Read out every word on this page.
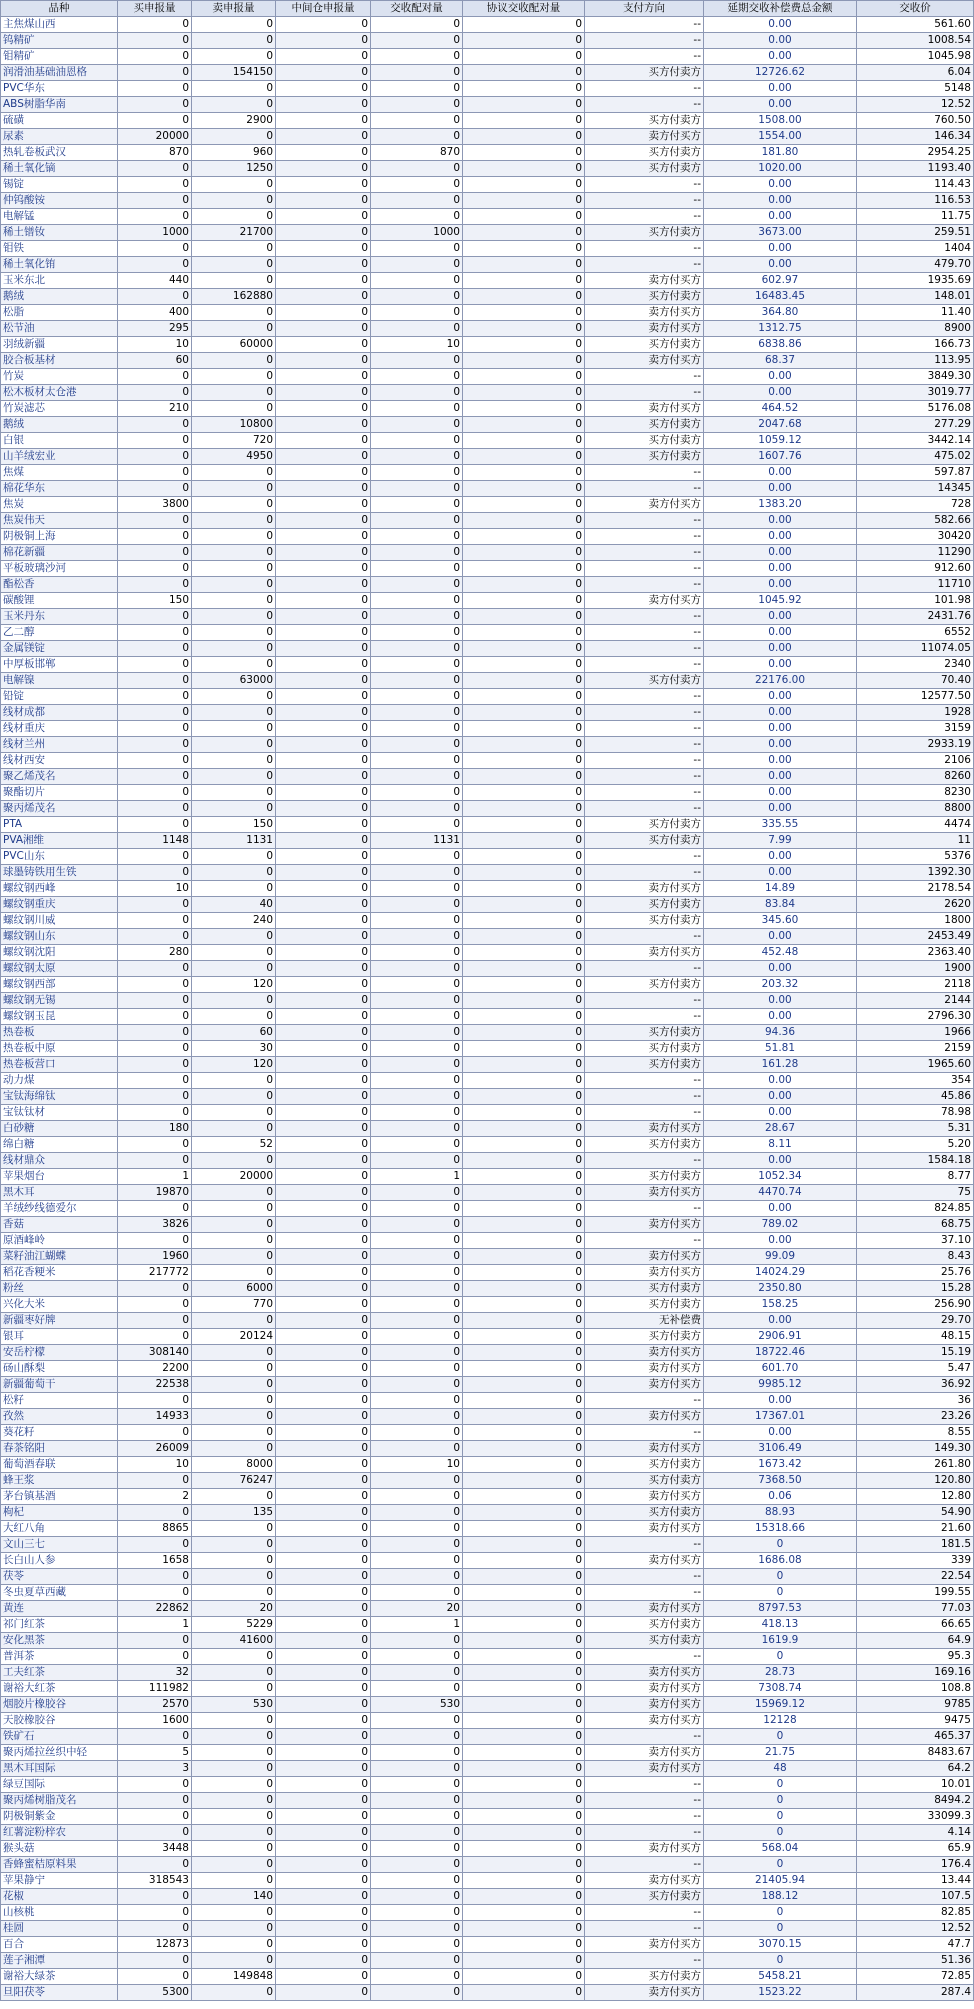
品种	买申报量	卖申报量	中间仓申报量	交收配对量	协议交收配对量	支付方向	延期交收补偿费总金额	交收价
主焦煤山西	0	0	0	0	0	--	0.00	561.60
钨精矿	0	0	0	0	0	--	0.00	1008.54
钼精矿	0	0	0	0	0	--	0.00	1045.98
润滑油基础油恩格	0	154150	0	0	0	买方付卖方	12726.62	6.04
PVC华东	0	0	0	0	0	--	0.00	5148
ABS树脂华南	0	0	0	0	0	--	0.00	12.52
硫磺	0	2900	0	0	0	买方付卖方	1508.00	760.50
尿素	20000	0	0	0	0	卖方付买方	1554.00	146.34
热轧卷板武汉	870	960	0	870	0	买方付卖方	181.80	2954.25
稀土氧化镝	0	1250	0	0	0	买方付卖方	1020.00	1193.40
锡锭	0	0	0	0	0	--	0.00	114.43
仲钨酸铵	0	0	0	0	0	--	0.00	116.53
电解锰	0	0	0	0	0	--	0.00	11.75
稀土镨钕	1000	21700	0	1000	0	买方付卖方	3673.00	259.51
钼铁	0	0	0	0	0	--	0.00	1404
稀土氧化铕	0	0	0	0	0	--	0.00	479.70
玉米东北	440	0	0	0	0	卖方付买方	602.97	1935.69
鹅绒	0	162880	0	0	0	买方付卖方	16483.45	148.01
松脂	400	0	0	0	0	卖方付买方	364.80	11.40
松节油	295	0	0	0	0	卖方付买方	1312.75	8900
羽绒新疆	10	60000	0	10	0	买方付卖方	6838.86	166.73
胶合板基材	60	0	0	0	0	卖方付买方	68.37	113.95
竹炭	0	0	0	0	0	--	0.00	3849.30
松木板材太仓港	0	0	0	0	0	--	0.00	3019.77
竹炭滤芯	210	0	0	0	0	卖方付买方	464.52	5176.08
鹅绒	0	10800	0	0	0	买方付卖方	2047.68	277.29
白银	0	720	0	0	0	买方付卖方	1059.12	3442.14
山羊绒宏业	0	4950	0	0	0	买方付卖方	1607.76	475.02
焦煤	0	0	0	0	0	--	0.00	597.87
棉花华东	0	0	0	0	0	--	0.00	14345
焦炭	3800	0	0	0	0	卖方付买方	1383.20	728
焦炭伟天	0	0	0	0	0	--	0.00	582.66
阴极铜上海	0	0	0	0	0	--	0.00	30420
棉花新疆	0	0	0	0	0	--	0.00	11290
平板玻璃沙河	0	0	0	0	0	--	0.00	912.60
酯松香	0	0	0	0	0	--	0.00	11710
碳酸锂	150	0	0	0	0	卖方付买方	1045.92	101.98
玉米丹东	0	0	0	0	0	--	0.00	2431.76
乙二醇	0	0	0	0	0	--	0.00	6552
金属镁锭	0	0	0	0	0	--	0.00	11074.05
中厚板邯郸	0	0	0	0	0	--	0.00	2340
电解镍	0	63000	0	0	0	买方付卖方	22176.00	70.40
铅锭	0	0	0	0	0	--	0.00	12577.50
线材成都	0	0	0	0	0	--	0.00	1928
线材重庆	0	0	0	0	0	--	0.00	3159
线材兰州	0	0	0	0	0	--	0.00	2933.19
线材西安	0	0	0	0	0	--	0.00	2106
聚乙烯茂名	0	0	0	0	0	--	0.00	8260
聚酯切片	0	0	0	0	0	--	0.00	8230
聚丙烯茂名	0	0	0	0	0	--	0.00	8800
PTA	0	150	0	0	0	买方付卖方	335.55	4474
PVA湘维	1148	1131	0	1131	0	买方付卖方	7.99	11
PVC山东	0	0	0	0	0	--	0.00	5376
球墨铸铁用生铁	0	0	0	0	0	--	0.00	1392.30
螺纹钢西峰	10	0	0	0	0	卖方付买方	14.89	2178.54
螺纹钢重庆	0	40	0	0	0	买方付卖方	83.84	2620
螺纹钢川威	0	240	0	0	0	买方付卖方	345.60	1800
螺纹钢山东	0	0	0	0	0	--	0.00	2453.49
螺纹钢沈阳	280	0	0	0	0	卖方付买方	452.48	2363.40
螺纹钢太原	0	0	0	0	0	--	0.00	1900
螺纹钢西部	0	120	0	0	0	买方付卖方	203.32	2118
螺纹钢无锡	0	0	0	0	0	--	0.00	2144
螺纹钢玉昆	0	0	0	0	0	--	0.00	2796.30
热卷板	0	60	0	0	0	买方付卖方	94.36	1966
热卷板中原	0	30	0	0	0	买方付卖方	51.81	2159
热卷板营口	0	120	0	0	0	买方付卖方	161.28	1965.60
动力煤	0	0	0	0	0	--	0.00	354
宝钛海绵钛	0	0	0	0	0	--	0.00	45.86
宝钛钛材	0	0	0	0	0	--	0.00	78.98
白砂糖	180	0	0	0	0	卖方付买方	28.67	5.31
绵白糖	0	52	0	0	0	买方付卖方	8.11	5.20
线材鼎众	0	0	0	0	0	--	0.00	1584.18
苹果烟台	1	20000	0	1	0	买方付卖方	1052.34	8.77
黑木耳	19870	0	0	0	0	卖方付买方	4470.74	75
羊绒纱线德爱尔	0	0	0	0	0	--	0.00	824.85
香菇	3826	0	0	0	0	卖方付买方	789.02	68.75
原酒峰岭	0	0	0	0	0	--	0.00	37.10
菜籽油江蝴蝶	1960	0	0	0	0	卖方付买方	99.09	8.43
稻花香粳米	217772	0	0	0	0	卖方付买方	14024.29	25.76
粉丝	0	6000	0	0	0	买方付卖方	2350.80	15.28
兴化大米	0	770	0	0	0	买方付卖方	158.25	256.90
新疆枣好牌	0	0	0	0	0	无补偿费	0.00	29.70
银耳	0	20124	0	0	0	买方付卖方	2906.91	48.15
安岳柠檬	308140	0	0	0	0	卖方付买方	18722.46	15.19
砀山酥梨	2200	0	0	0	0	卖方付买方	601.70	5.47
新疆葡萄干	22538	0	0	0	0	卖方付买方	9985.12	36.92
松籽	0	0	0	0	0	--	0.00	36
孜然	14933	0	0	0	0	卖方付买方	17367.01	23.26
葵花籽	0	0	0	0	0	--	0.00	8.55
春茶铭阳	26009	0	0	0	0	卖方付买方	3106.49	149.30
葡萄酒春联	10	8000	0	10	0	买方付卖方	1673.42	261.80
蜂王浆	0	76247	0	0	0	买方付卖方	7368.50	120.80
茅台镇基酒	2	0	0	0	0	卖方付买方	0.06	12.80
枸杞	0	135	0	0	0	买方付卖方	88.93	54.90
大红八角	8865	0	0	0	0	卖方付买方	15318.66	21.60
文山三七	0	0	0	0	0	--	0	181.5
长白山人参	1658	0	0	0	0	卖方付买方	1686.08	339
茯苓	0	0	0	0	0	--	0	22.54
冬虫夏草西藏	0	0	0	0	0	--	0	199.55
黄连	22862	20	0	20	0	卖方付买方	8797.53	77.03
祁门红茶	1	5229	0	1	0	买方付卖方	418.13	66.65
安化黑茶	0	41600	0	0	0	买方付卖方	1619.9	64.9
普洱茶	0	0	0	0	0	--	0	95.3
工夫红茶	32	0	0	0	0	卖方付买方	28.73	169.16
谢裕大红茶	111982	0	0	0	0	卖方付买方	7308.74	108.8
烟胶片橡胶谷	2570	530	0	530	0	卖方付买方	15969.12	9785
天胶橡胶谷	1600	0	0	0	0	卖方付买方	12128	9475
铁矿石	0	0	0	0	0	--	0	465.37
聚丙烯拉丝织中轻	5	0	0	0	0	卖方付买方	21.75	8483.67
黑木耳国际	3	0	0	0	0	卖方付买方	48	64.2
绿豆国际	0	0	0	0	0	--	0	10.01
聚丙烯树脂茂名	0	0	0	0	0	--	0	8494.2
阴极铜紫金	0	0	0	0	0	--	0	33099.3
红薯淀粉梓农	0	0	0	0	0	--	0	4.14
猴头菇	3448	0	0	0	0	卖方付买方	568.04	65.9
香蜂蜜桔原料果	0	0	0	0	0	--	0	176.4
苹果静宁	318543	0	0	0	0	卖方付买方	21405.94	13.44
花椒	0	140	0	0	0	买方付卖方	188.12	107.5
山核桃	0	0	0	0	0	--	0	82.85
桂圆	0	0	0	0	0	--	0	12.52
百合	12873	0	0	0	0	卖方付买方	3070.15	47.7
莲子湘潭	0	0	0	0	0	--	0	51.36
谢裕大绿茶	0	149848	0	0	0	买方付卖方	5458.21	72.85
旦阳茯苓	5300	0	0	0	0	卖方付买方	1523.22	287.4
